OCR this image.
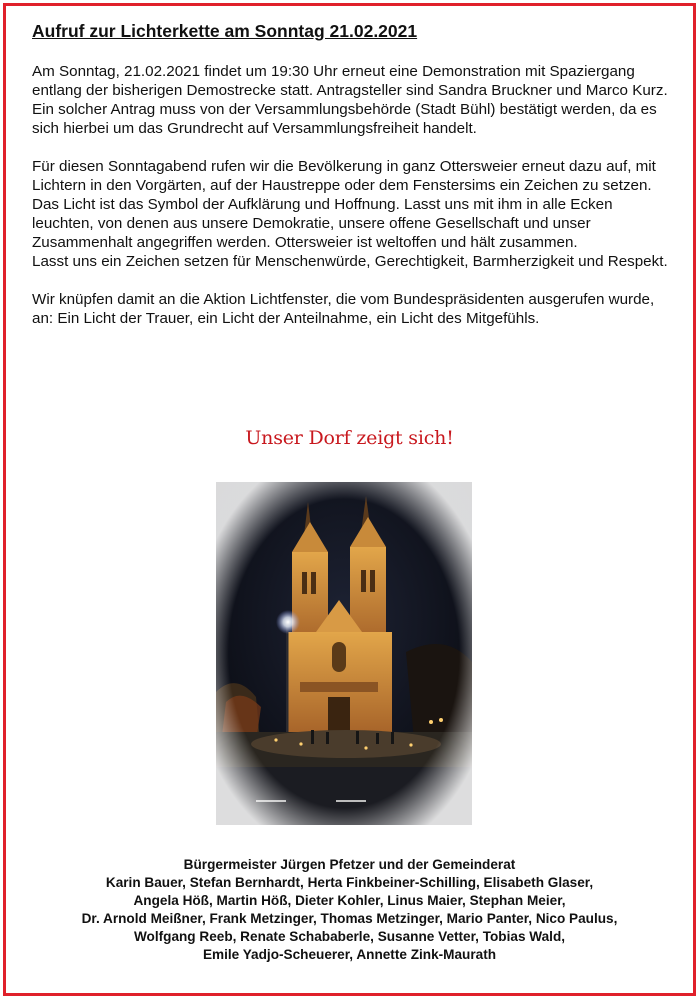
Aufruf zur Lichterkette am Sonntag 21.02.2021

Am Sonntag, 21.02.2021 findet um 19:30 Uhr erneut eine Demonstration mit Spaziergang entlang der bisherigen Demostrecke statt. Antragsteller sind Sandra Bruckner und Marco Kurz.

Ein solcher Antrag muss von der Versammlungsbehörde (Stadt Bühl) bestätigt werden, da es sich hierbei um das Grundrecht auf Versammlungsfreiheit handelt.

Für diesen Sonntagabend rufen wir die Bevölkerung in ganz Ottersweier erneut dazu auf, mit Lichtern in den Vorgärten, auf der Haustreppe oder dem Fenstersims ein Zeichen zu setzen.

Das Licht ist das Symbol der Aufklärung und Hoffnung. Lasst uns mit ihm in alle Ecken leuchten, von denen aus unsere Demokratie, unsere offene Gesellschaft und unser Zusammenhalt angegriffen werden. Ottersweier ist weltoffen und hält zusammen.

Lasst uns ein Zeichen setzen für Menschenwürde, Gerechtigkeit, Barmherzigkeit und Respekt.

Wir knüpfen damit an die Aktion Lichtfenster, die vom Bundespräsidenten ausgerufen wurde, an: Ein Licht der Trauer, ein Licht der Anteilnahme, ein Licht des Mitgefühls.

Unser Dorf zeigt sich!
Bürgermeister Jürgen Pfetzer und der Gemeinderat
Karin Bauer, Stefan Bernhardt, Herta Finkbeiner-Schilling, Elisabeth Glaser,
Angela Höß, Martin Höß, Dieter Kohler, Linus Maier, Stephan Meier,
Dr. Arnold Meißner, Frank Metzinger, Thomas Metzinger, Mario Panter, Nico Paulus,
Wolfgang Reeb, Renate Schababerle, Susanne Vetter, Tobias Wald,
Emile Yadjo-Scheuerer, Annette Zink-Maurath
